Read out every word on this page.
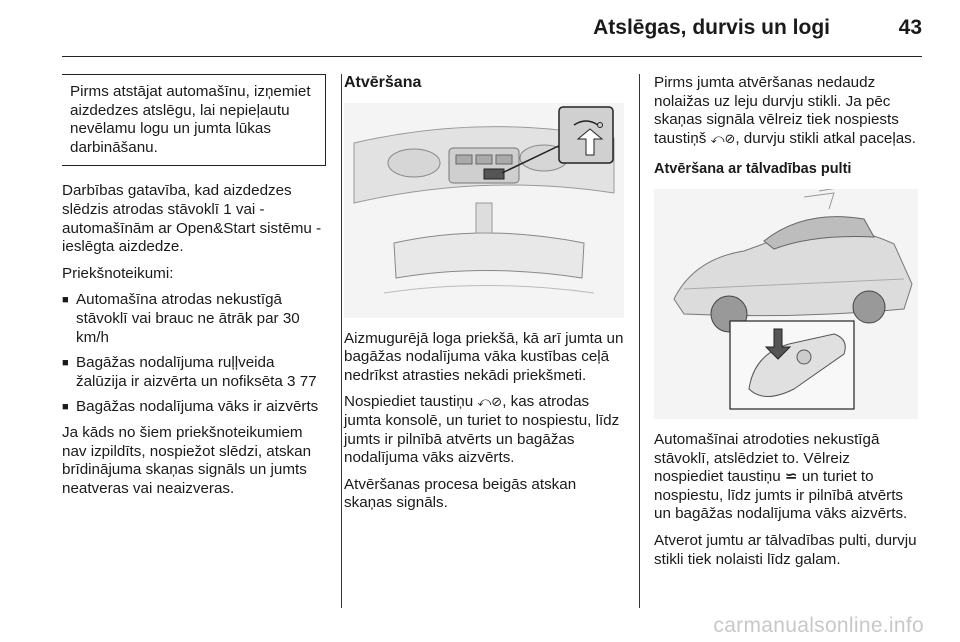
Atslēgas, durvis un logi	43
Pirms atstājat automašīnu, izņemiet aizdedzes atslēgu, lai nepieļautu nevēlamu logu un jumta lūkas darbināšanu.

Darbības gatavība, kad aizdedzes slēdzis atrodas stāvoklī 1 vai - automašīnām ar Open&Start sistēmu - ieslēgta aizdedze.

Priekšnoteikumi:

■ Automašīna atrodas nekustīgā stāvoklī vai brauc ne ātrāk par 30 km/h
■ Bagāžas nodalījuma ruļļveida žalūzija ir aizvērta un nofiksēta 3 77
■ Bagāžas nodalījuma vāks ir aizvērts

Ja kāds no šiem priekšnoteikumiem nav izpildīts, nospiežot slēdzi, atskan brīdinājuma skaņas signāls un jumts neatveras vai neaizveras.

Atvēršana

Aizmugurējā loga priekšā, kā arī jumta un bagāžas nodalījuma vāka kustības ceļā nedrīkst atrasties nekādi priekšmeti.

Nospiediet taustiņu ⤺⊘, kas atrodas jumta konsolē, un turiet to nospiestu, līdz jumts ir pilnībā atvērts un bagāžas nodalījuma vāks aizvērts.

Atvēršanas procesa beigās atskan skaņas signāls.

Pirms jumta atvēršanas nedaudz nolaižas uz leju durvju stikli. Ja pēc skaņas signāla vēlreiz tiek nospiests taustiņš ⤺⊘, durvju stikli atkal paceļas.

Atvēršana ar tālvadības pulti

Automašīnai atrodoties nekustīgā stāvoklī, atslēdziet to. Vēlreiz nospiediet taustiņu ⋍ un turiet to nospiestu, līdz jumts ir pilnībā atvērts un bagāžas nodalījuma vāks aizvērts.

Atverot jumtu ar tālvadības pulti, durvju stikli tiek nolaisti līdz galam.

carmanualsonline.info
